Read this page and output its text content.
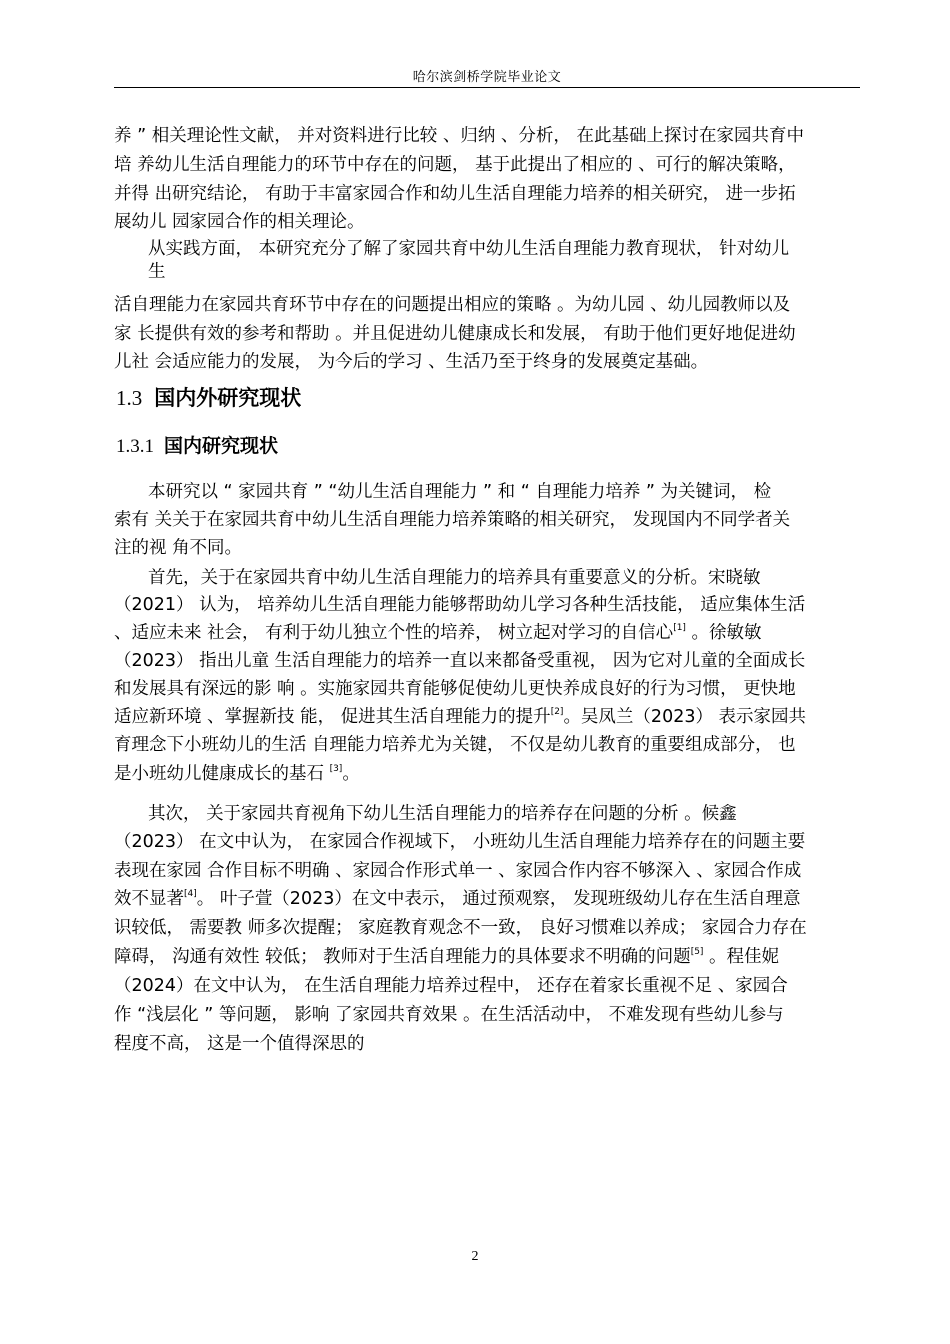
哈尔滨剑桥学院毕业论文
养 ” 相关理论性文献， 并对资料进行比较 、归纳 、分析， 在此基础上探讨在家园共育中
培 养幼儿生活自理能力的环节中存在的问题， 基于此提出了相应的 、可行的解决策略，
并得 出研究结论， 有助于丰富家园合作和幼儿生活自理能力培养的相关研究， 进一步拓
展幼儿 园家园合作的相关理论。
从实践方面， 本研究充分了解了家园共育中幼儿生活自理能力教育现状， 针对幼儿
生
活自理能力在家园共育环节中存在的问题提出相应的策略 。为幼儿园 、幼儿园教师以及
家 长提供有效的参考和帮助 。并且促进幼儿健康成长和发展， 有助于他们更好地促进幼
儿社 会适应能力的发展， 为今后的学习 、生活乃至于终身的发展奠定基础。
1.3 国内外研究现状
1.3.1 国内研究现状
本研究以 “ 家园共育 ” “幼儿生活自理能力 ” 和 “ 自理能力培养 ” 为关键词， 检
索有 关关于在家园共育中幼儿生活自理能力培养策略的相关研究， 发现国内不同学者关
注的视 角不同。
首先，关于在家园共育中幼儿生活自理能力的培养具有重要意义的分析。宋晓敏
（2021） 认为， 培养幼儿生活自理能力能够帮助幼儿学习各种生活技能， 适应集体生活
、适应未来 社会， 有利于幼儿独立个性的培养， 树立起对学习的自信心[1] 。徐敏敏
（2023） 指出儿童 生活自理能力的培养一直以来都备受重视， 因为它对儿童的全面成长
和发展具有深远的影 响 。实施家园共育能够促使幼儿更快养成良好的行为习惯， 更快地
适应新环境 、掌握新技 能， 促进其生活自理能力的提升[2]。吴凤兰（2023） 表示家园共
育理念下小班幼儿的生活 自理能力培养尤为关键， 不仅是幼儿教育的重要组成部分， 也
是小班幼儿健康成长的基石 [3]。
其次， 关于家园共育视角下幼儿生活自理能力的培养存在问题的分析 。候鑫
（2023） 在文中认为， 在家园合作视域下， 小班幼儿生活自理能力培养存在的问题主要
表现在家园 合作目标不明确 、家园合作形式单一 、家园合作内容不够深入 、家园合作成
效不显著[4]。 叶子萱（2023）在文中表示， 通过预观察， 发现班级幼儿存在生活自理意
识较低， 需要教 师多次提醒； 家庭教育观念不一致， 良好习惯难以养成； 家园合力存在
障碍， 沟通有效性 较低； 教师对于生活自理能力的具体要求不明确的问题[5] 。程佳妮
（2024）在文中认为， 在生活自理能力培养过程中， 还存在着家长重视不足 、家园合
作 “浅层化 ” 等问题， 影响 了家园共育效果 。在生活活动中， 不难发现有些幼儿参与
程度不高， 这是一个值得深思的
2
